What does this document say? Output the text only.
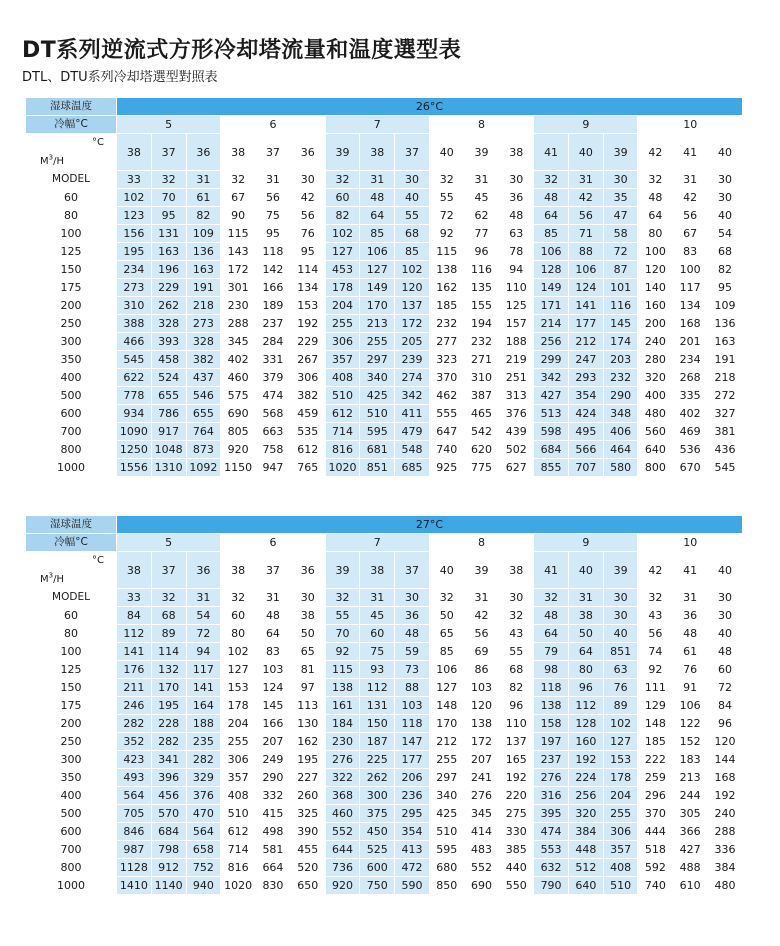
DT系列逆流式方形冷却塔流量和温度選型表

DTL、DTU系列冷却塔選型對照表

湿球温度	26°C																	
冷幅°C	5			6			7			8			9			10		

$M^3/H$
°C	38	37	36	38	37	36	39	38	37	40	39	38	41	40	39	42	41	40

MODEL	33	32	31	32	31	30	32	31	30	32	31	30	32	31	30	32	31	30
60	102	70	61	67	56	42	60	48	40	55	45	36	48	42	35	48	42	30
80	123	95	82	90	75	56	82	64	55	72	62	48	64	56	47	64	56	40
100	156	131	109	115	95	76	102	85	68	92	77	63	85	71	58	80	67	54
125	195	163	136	143	118	95	127	106	85	115	96	78	106	88	72	100	83	68
150	234	196	163	172	142	114	453	127	102	138	116	94	128	106	87	120	100	82
175	273	229	191	301	166	134	178	149	120	162	135	110	149	124	101	140	117	95
200	310	262	218	230	189	153	204	170	137	185	155	125	171	141	116	160	134	109
250	388	328	273	288	237	192	255	213	172	232	194	157	214	177	145	200	168	136
300	466	393	328	345	284	229	306	255	205	277	232	188	256	212	174	240	201	163
350	545	458	382	402	331	267	357	297	239	323	271	219	299	247	203	280	234	191
400	622	524	437	460	379	306	408	340	274	370	310	251	342	293	232	320	268	218
500	778	655	546	575	474	382	510	425	342	462	387	313	427	354	290	400	335	272
600	934	786	655	690	568	459	612	510	411	555	465	376	513	424	348	480	402	327
700	1090	917	764	805	663	535	714	595	479	647	542	439	598	495	406	560	469	381
800	1250	1048	873	920	758	612	816	681	548	740	620	502	684	566	464	640	536	436
1000	1556	1310	1092	1150	947	765	1020	851	685	925	775	627	855	707	580	800	670	545
湿球温度	27°C																	
冷幅°C	5			6			7			8			9			10		

$M^3/H$
°C	38	37	36	38	37	36	39	38	37	40	39	38	41	40	39	42	41	40

MODEL	33	32	31	32	31	30	32	31	30	32	31	30	32	31	30	32	31	30
60	84	68	54	60	48	38	55	45	36	50	42	32	48	38	30	43	36	30
80	112	89	72	80	64	50	70	60	48	65	56	43	64	50	40	56	48	40
100	141	114	94	102	83	65	92	75	59	85	69	55	79	64	851	74	61	48
125	176	132	117	127	103	81	115	93	73	106	86	68	98	80	63	92	76	60
150	211	170	141	153	124	97	138	112	88	127	103	82	118	96	76	111	91	72
175	246	195	164	178	145	113	161	131	103	148	120	96	138	112	89	129	106	84
200	282	228	188	204	166	130	184	150	118	170	138	110	158	128	102	148	122	96
250	352	282	235	255	207	162	230	187	147	212	172	137	197	160	127	185	152	120
300	423	341	282	306	249	195	276	225	177	255	207	165	237	192	153	222	183	144
350	493	396	329	357	290	227	322	262	206	297	241	192	276	224	178	259	213	168
400	564	456	376	408	332	260	368	300	236	340	276	220	316	256	204	296	244	192
500	705	570	470	510	415	325	460	375	295	425	345	275	395	320	255	370	305	240
600	846	684	564	612	498	390	552	450	354	510	414	330	474	384	306	444	366	288
700	987	798	658	714	581	455	644	525	413	595	483	385	553	448	357	518	427	336
800	1128	912	752	816	664	520	736	600	472	680	552	440	632	512	408	592	488	384
1000	1410	1140	940	1020	830	650	920	750	590	850	690	550	790	640	510	740	610	480
